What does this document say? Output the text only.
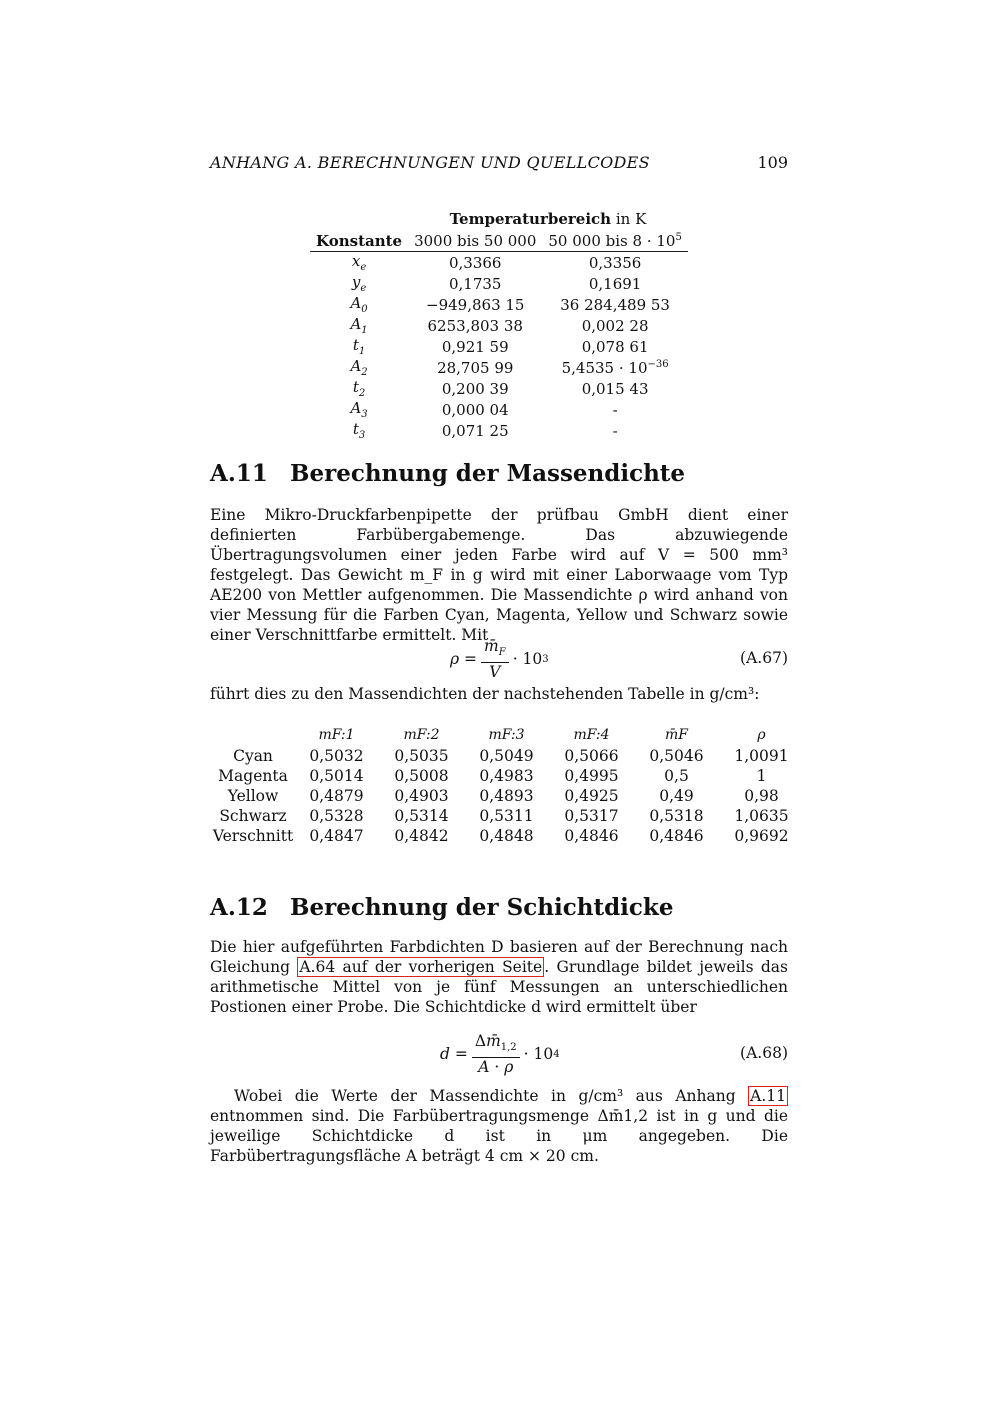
ANHANG A. BERECHNUNGEN UND QUELLCODES	109
	Temperaturbereich in K	
Konstante	3000 bis 50 000	50 000 bis $8 \cdot 10^5$
$x_e$	0,3366	0,3356
$y_e$	0,1735	0,1691
$A_0$	−949,863 15	36 284,489 53
$A_1$	6253,803 38	0,002 28
$t_1$	0,921 59	0,078 61
$A_2$	28,705 99	$5,4535 \cdot 10^{-36}$
$t_2$	0,200 39	0,015 43
$A_3$	0,000 04	-
$t_3$	0,071 25	-
A.11 Berechnung der Massendichte

Eine Mikro-Druckfarbenpipette der prüfbau GmbH dient einer definierten Farbübergabemenge. Das abzuwiegende Übertragungsvolumen einer jeden Farbe wird auf V = 500 mm³ festgelegt. Das Gewicht m_F in g wird mit einer Laborwaage vom Typ AE200 von Mettler aufgenommen. Die Massendichte ρ wird anhand von vier Messung für die Farben Cyan, Magenta, Yellow und Schwarz sowie einer Verschnittfarbe ermittelt. Mit

$\rho = \frac{m̄_F}{V} \cdot 10$ 3	(A.67)

führt dies zu den Massendichten der nachstehenden Tabelle in g/cm³:

	mF:1	mF:2	mF:3	mF:4	m̄F	ρ
Cyan	0,5032	0,5035	0,5049	0,5066	0,5046	1,0091
Magenta	0,5014	0,5008	0,4983	0,4995	0,5	1
Yellow	0,4879	0,4903	0,4893	0,4925	0,49	0,98
Schwarz	0,5328	0,5314	0,5311	0,5317	0,5318	1,0635
Verschnitt	0,4847	0,4842	0,4848	0,4846	0,4846	0,9692
A.12 Berechnung der Schichtdicke

Die hier aufgeführten Farbdichten D basieren auf der Berechnung nach Gleichung A.64 auf der vorherigen Seite . Grundlage bildet jeweils das arithmetische Mittel von je fünf Messungen an unterschiedlichen Postionen einer Probe. Die Schichtdicke d wird ermittelt über

$d = \frac{\Delta m̄_{1,2}}{A \cdot \rho} \cdot 10$ 4	(A.68)

Wobei die Werte der Massendichte in g/cm³ aus Anhang A.11 entnommen sind. Die Farbübertragungsmenge Δm̄1,2 ist in g und die jeweilige Schichtdicke d ist in μm angegeben. Die Farbübertragungsfläche A beträgt 4 cm × 20 cm.
